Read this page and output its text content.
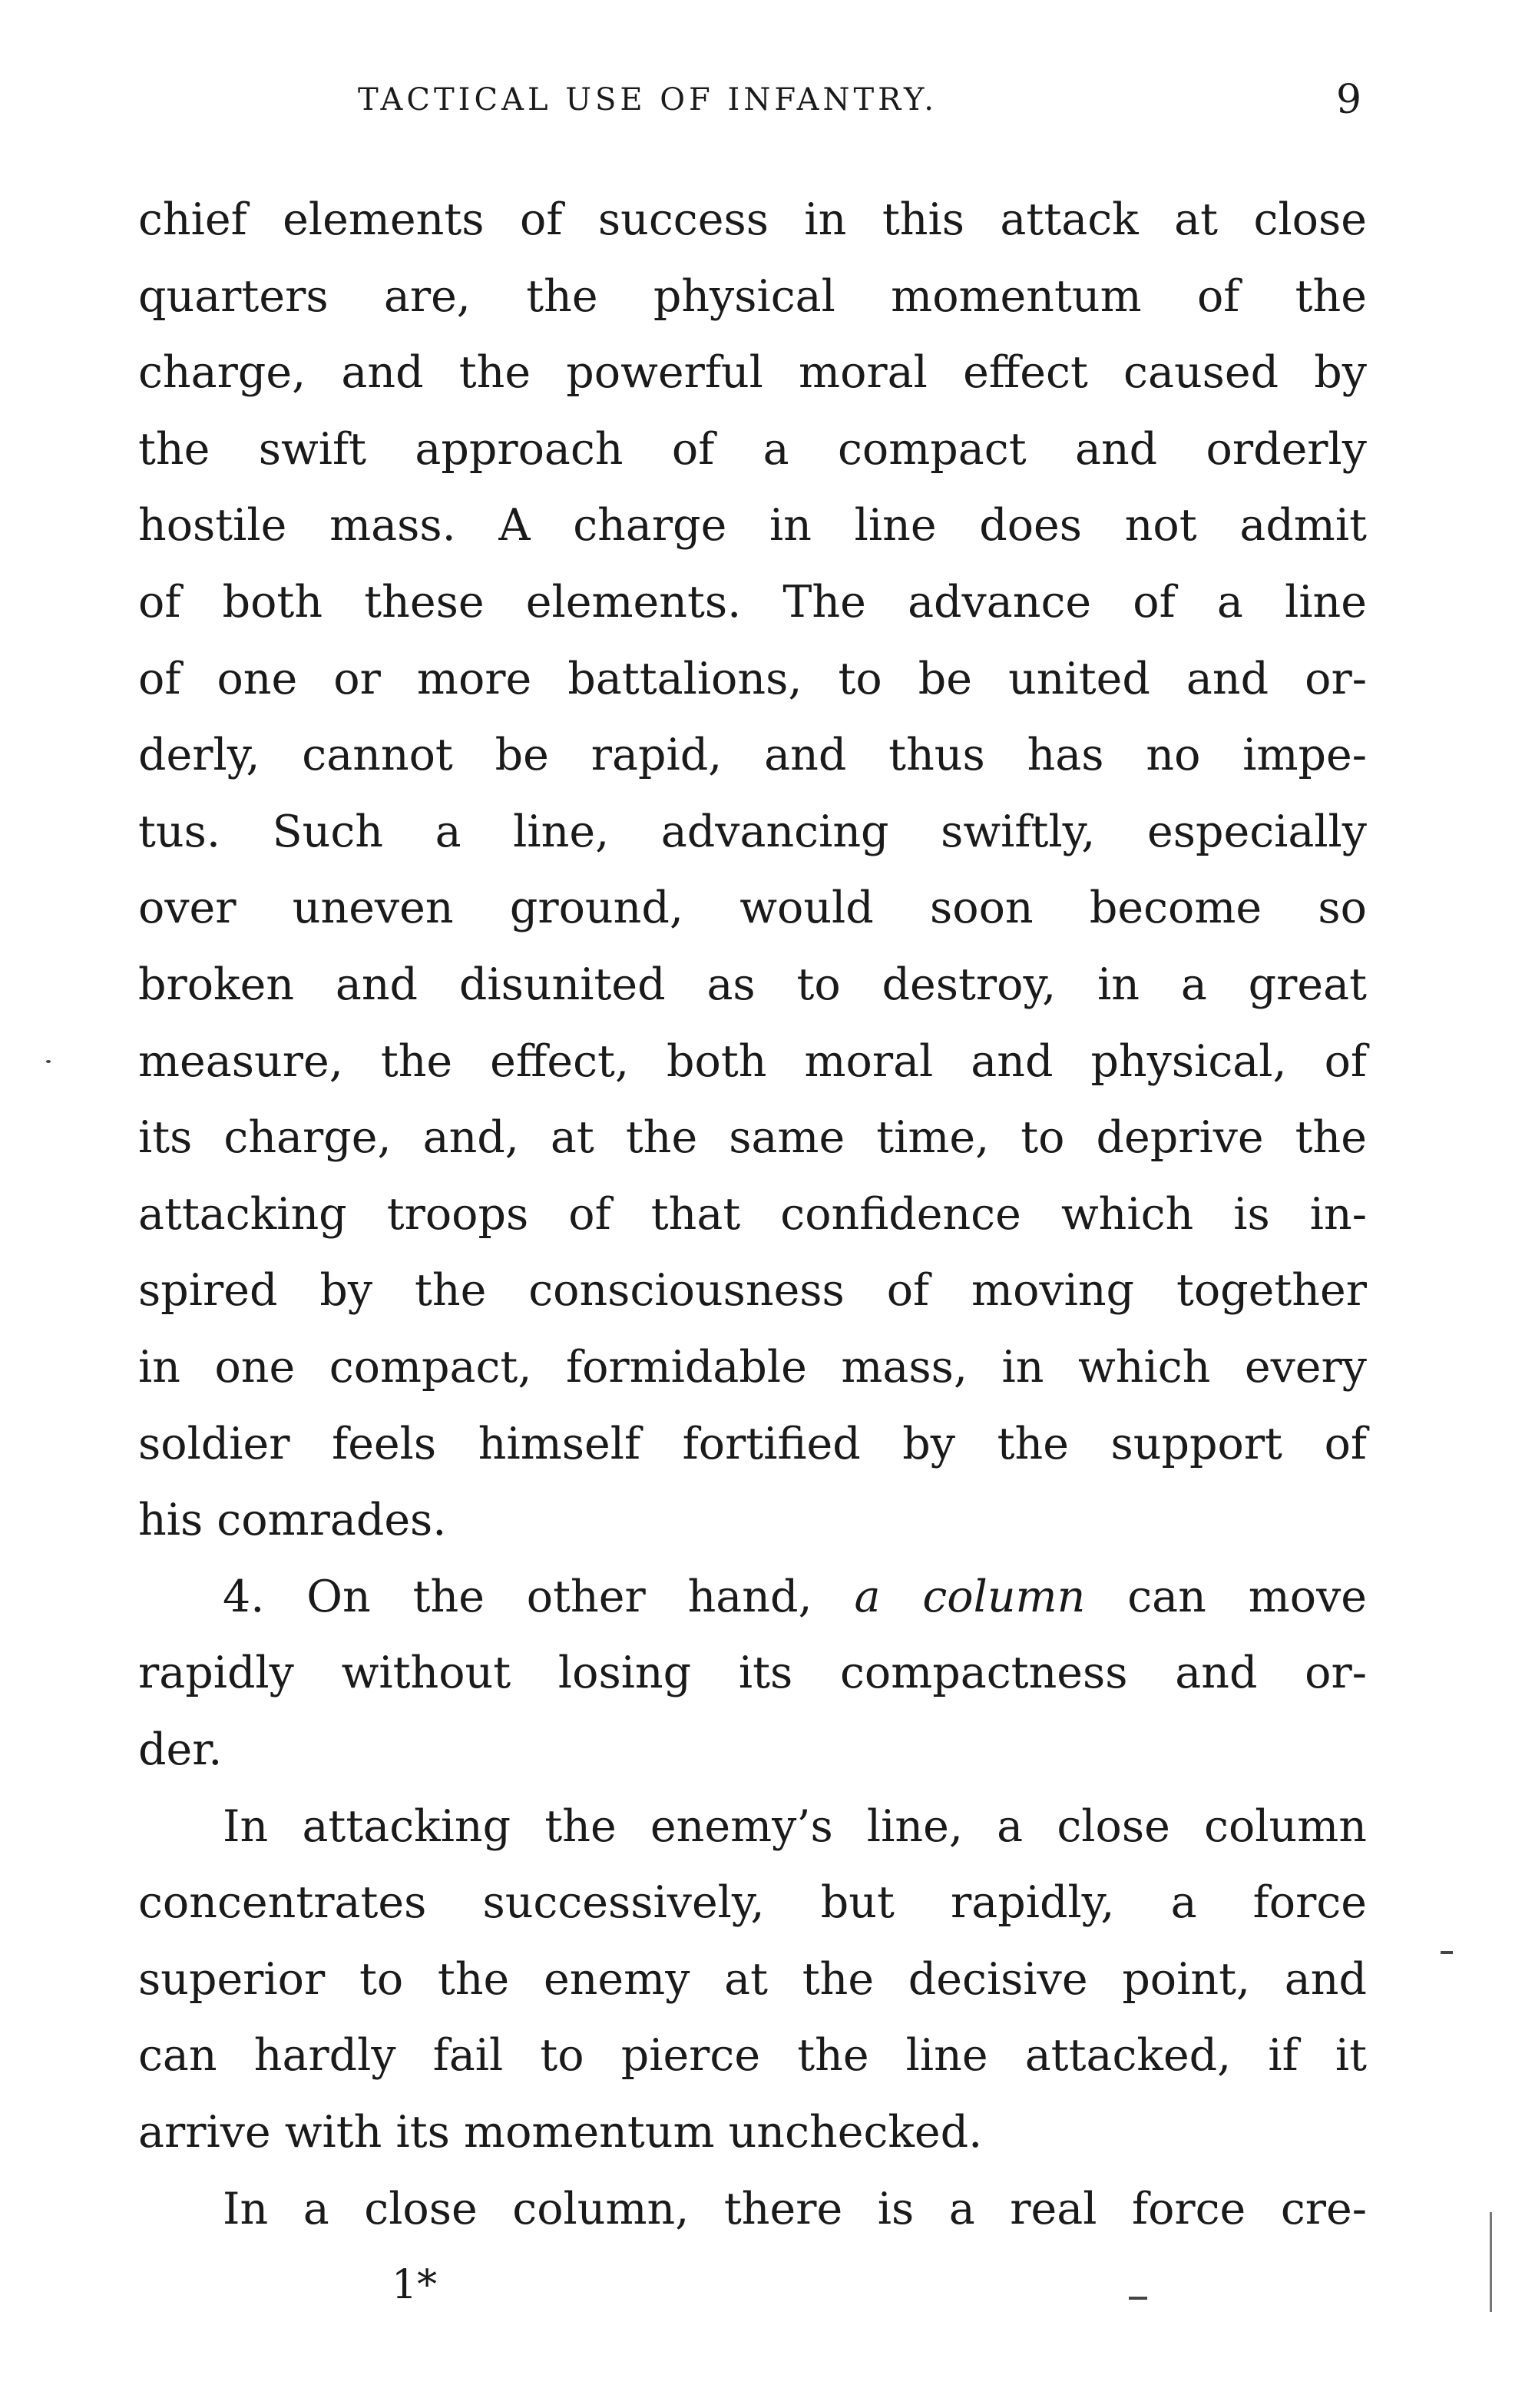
TACTICAL USE OF INFANTRY.	9
chief elements of success in this attack at close
quarters are, the physical momentum of the
charge, and the powerful moral effect caused by
the swift approach of a compact and orderly
hostile mass. A charge in line does not admit
of both these elements. The advance of a line
of one or more battalions, to be united and or-
derly, cannot be rapid, and thus has no impe-
tus. Such a line, advancing swiftly, especially
over uneven ground, would soon become so
broken and disunited as to destroy, in a great
measure, the effect, both moral and physical, of
its charge, and, at the same time, to deprive the
attacking troops of that confidence which is in-
spired by the consciousness of moving together
in one compact, formidable mass, in which every
soldier feels himself fortified by the support of
his comrades.
4. On the other hand, a column can move
rapidly without losing its compactness and or-
der.
In attacking the enemy’s line, a close column
concentrates successively, but rapidly, a force
superior to the enemy at the decisive point, and
can hardly fail to pierce the line attacked, if it
arrive with its momentum unchecked.
In a close column, there is a real force cre-
1*
